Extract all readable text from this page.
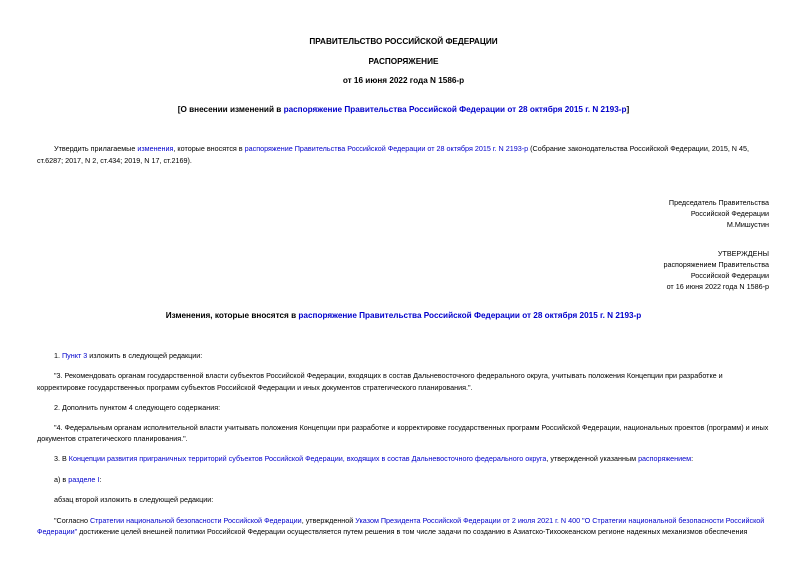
ПРАВИТЕЛЬСТВО РОССИЙСКОЙ ФЕДЕРАЦИИ
РАСПОРЯЖЕНИЕ
от 16 июня 2022 года N 1586-р
[О внесении изменений в распоряжение Правительства Российской Федерации от 28 октября 2015 г. N 2193-р]
Утвердить прилагаемые изменения, которые вносятся в распоряжение Правительства Российской Федерации от 28 октября 2015 г. N 2193-р (Собрание законодательства Российской Федерации, 2015, N 45,
ст.6287; 2017, N 2, ст.434; 2019, N 17, ст.2169).
Председатель Правительства
Российской Федерации
М.Мишустин
УТВЕРЖДЕНЫ
распоряжением Правительства
Российской Федерации
от 16 июня 2022 года N 1586-р
Изменения, которые вносятся в распоряжение Правительства Российской Федерации от 28 октября 2015 г. N 2193-р
1. Пункт 3 изложить в следующей редакции:
"3. Рекомендовать органам государственной власти субъектов Российской Федерации, входящих в состав Дальневосточного федерального округа, учитывать положения Концепции при разработке и
корректировке государственных программ субъектов Российской Федерации и иных документов стратегического планирования.".
2. Дополнить пунктом 4 следующего содержания:
"4. Федеральным органам исполнительной власти учитывать положения Концепции при разработке и корректировке государственных программ Российской Федерации, национальных проектов (программ) и иных
документов стратегического планирования.".
3. В Концепции развития приграничных территорий субъектов Российской Федерации, входящих в состав Дальневосточного федерального округа, утвержденной указанным распоряжением:
а) в разделе I:
абзац второй изложить в следующей редакции:
"Согласно Стратегии национальной безопасности Российской Федерации, утвержденной Указом Президента Российской Федерации от 2 июля 2021 г. N 400 "О Стратегии национальной безопасности Российской
Федерации" достижение целей внешней политики Российской Федерации осуществляется путем решения в том числе задачи по созданию в Азиатско-Тихоокеанском регионе надежных механизмов обеспечения
